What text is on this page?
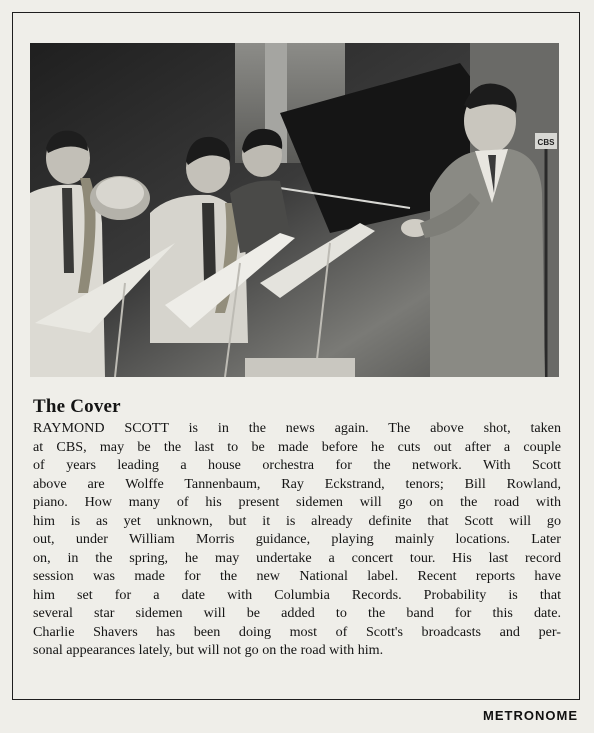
CBS
The Cover

RAYMOND SCOTT is in the news again. The above shot, taken
at CBS, may be the last to be made before he cuts out after a couple
of years leading a house orchestra for the network. With Scott
above are Wolffe Tannenbaum, Ray Eckstrand, tenors; Bill Rowland,
piano. How many of his present sidemen will go on the road with
him is as yet unknown, but it is already definite that Scott will go
out, under William Morris guidance, playing mainly locations. Later
on, in the spring, he may undertake a concert tour. His last record
session was made for the new National label. Recent reports have
him set for a date with Columbia Records. Probability is that
several star sidemen will be added to the band for this date.
Charlie Shavers has been doing most of Scott's broadcasts and per-
sonal appearances lately, but will not go on the road with him.

METRONOME
